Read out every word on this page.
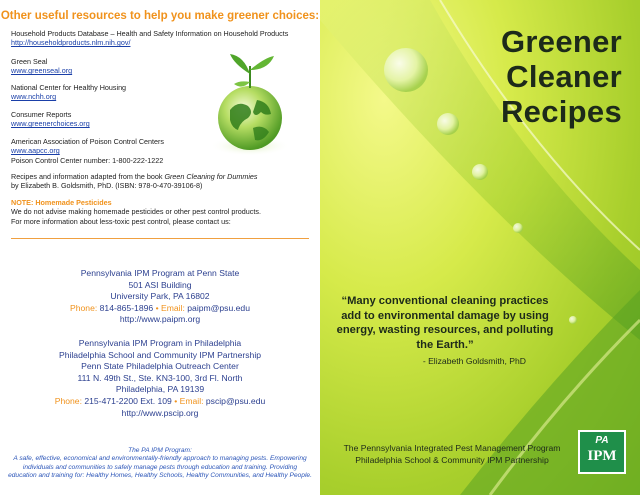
Other useful resources to help you make greener choices:
Household Products Database – Health and Safety Information on Household Products
http://householdproducts.nlm.nih.gov/
Green Seal
www.greenseal.org
National Center for Healthy Housing
www.nchh.org
Consumer Reports
www.greenerchoices.org
American Association of Poison Control Centers
www.aapcc.org
Poison Control Center number: 1-800-222-1222
Recipes and information adapted from the book Green Cleaning for Dummies
by Elizabeth B. Goldsmith, PhD. (ISBN: 978-0-470-39106-8)
NOTE: Homemade Pesticides
We do not advise making homemade pesticides or other pest control products.
For more information about less-toxic pest control, please contact us:
Pennsylvania IPM Program at Penn State
501 ASI Building
University Park, PA 16802
Phone: 814-865-1896 • Email: paipm@psu.edu
http://www.paipm.org
Pennsylvania IPM Program in Philadelphia
Philadelphia School and Community IPM Partnership
Penn State Philadelphia Outreach Center
111 N. 49th St., Ste. KN3-100, 3rd Fl. North
Philadelphia, PA 19139
Phone: 215-471-2200 Ext. 109 • Email: pscip@psu.edu
http://www.pscip.org
The PA IPM Program:
A safe, effective, economical and environmentally-friendly approach to managing pests. Empowering
individuals and communities to safely manage pests through education and training. Providing
education and training for: Healthy Homes, Healthy Schools, Healthy Communities, and Healthy People.
Greener
Cleaner
Recipes
“Many conventional cleaning practices add to environmental damage by using energy, wasting resources, and polluting the Earth.”
- Elizabeth Goldsmith, PhD
The Pennsylvania Integrated Pest Management Program
Philadelphia School & Community IPM Partnership
PA
IPM
